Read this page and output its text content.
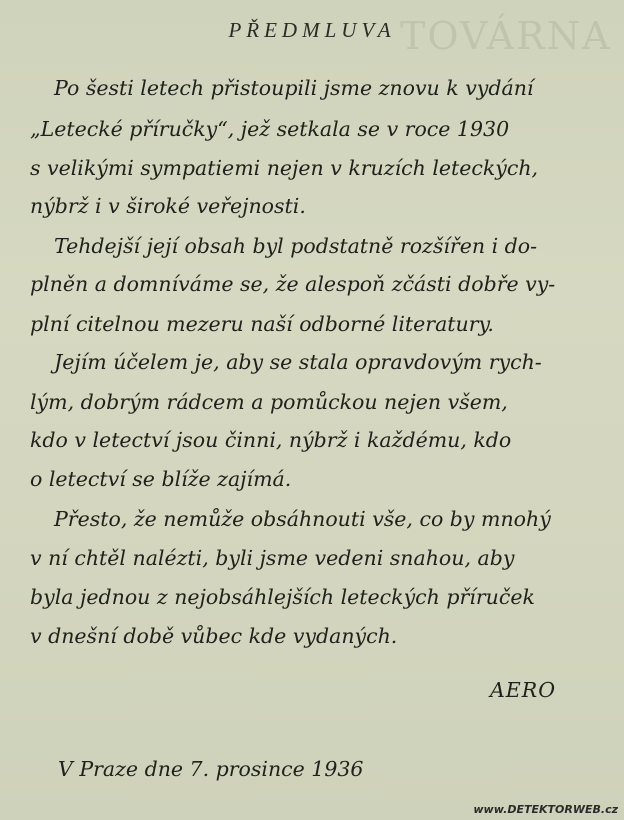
TOVÁRNA
PŘEDMLUVA
Po šesti letech přistoupili jsme znovu k vydání
„Letecké příručky“, jež setkala se v roce 1930
s velikými sympatiemi nejen v kruzích leteckých,
nýbrž i v široké veřejnosti.
Tehdejší její obsah byl podstatně rozšířen i do-
plněn a domníváme se, že alespoň zčásti dobře vy-
plní citelnou mezeru naší odborné literatury.
Jejím účelem je, aby se stala opravdovým rych-
lým, dobrým rádcem a pomůckou nejen všem,
kdo v letectví jsou činni, nýbrž i každému, kdo
o letectví se blíže zajímá.
Přesto, že nemůže obsáhnouti vše, co by mnohý
v ní chtěl nalézti, byli jsme vedeni snahou, aby
byla jednou z nejobsáhlejších leteckých příruček
v dnešní době vůbec kde vydaných.
AERO
V Praze dne 7. prosince 1936
www.DETEKTORWEB.cz
